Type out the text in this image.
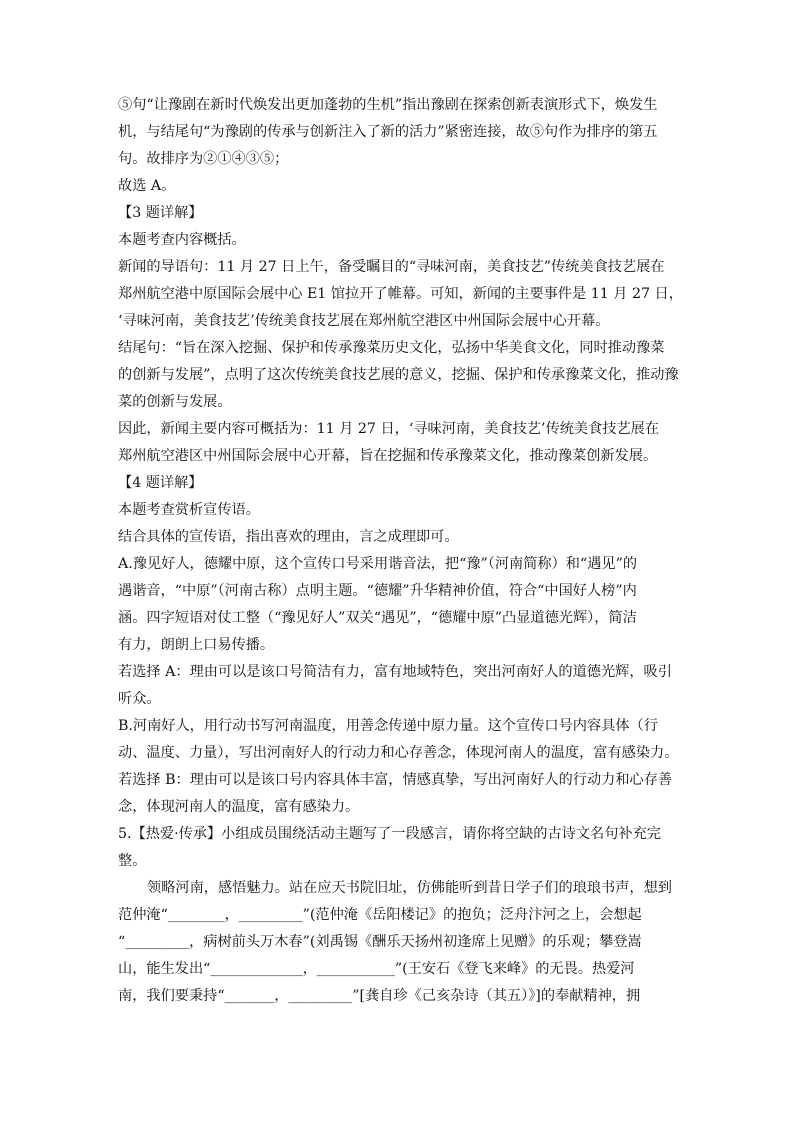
⑤句“让豫剧在新时代焕发出更加蓬勃的生机”指出豫剧在探索创新表演形式下，焕发生
机，与结尾句“为豫剧的传承与创新注入了新的活力”紧密连接，故⑤句作为排序的第五
句。故排序为②①④③⑤；
故选 A。
【3 题详解】
本题考查内容概括。
新闻的导语句：11 月 27 日上午，备受瞩目的“寻味河南，美食技艺”传统美食技艺展在
郑州航空港中原国际会展中心 E1 馆拉开了帷幕。可知，新闻的主要事件是 11 月 27 日，
‘寻味河南，美食技艺’传统美食技艺展在郑州航空港区中州国际会展中心开幕。
结尾句：“旨在深入挖掘、保护和传承豫菜历史文化，弘扬中华美食文化，同时推动豫菜
的创新与发展”，点明了这次传统美食技艺展的意义，挖掘、保护和传承豫菜文化，推动豫
菜的创新与发展。
因此，新闻主要内容可概括为：11 月 27 日，‘寻味河南，美食技艺’传统美食技艺展在
郑州航空港区中州国际会展中心开幕，旨在挖掘和传承豫菜文化，推动豫菜创新发展。
【4 题详解】
本题考查赏析宣传语。
结合具体的宣传语，指出喜欢的理由，言之成理即可。
A.豫见好人，德耀中原，这个宣传口号采用谐音法，把“豫”（河南简称）和“遇见”的
遇谐音，“中原”（河南古称）点明主题。“德耀”升华精神价值，符合“中国好人榜”内
涵。四字短语对仗工整（“豫见好人”双关“遇见”，“德耀中原”凸显道德光辉），简洁
有力，朗朗上口易传播。
若选择 A：理由可以是该口号简洁有力，富有地域特色，突出河南好人的道德光辉，吸引
听众。
B.河南好人，用行动书写河南温度，用善念传递中原力量。这个宣传口号内容具体（行
动、温度、力量），写出河南好人的行动力和心存善念，体现河南人的温度，富有感染力。
若选择 B：理由可以是该口号内容具体丰富，情感真挚，写出河南好人的行动力和心存善
念，体现河南人的温度，富有感染力。
5.【热爱·传承】小组成员围绕活动主题写了一段感言，请你将空缺的古诗文名句补充完
整。
领略河南，感悟魅力。站在应天书院旧址，仿佛能听到昔日学子们的琅琅书声，想到
范仲淹“________，_________”(范仲淹《岳阳楼记》的抱负；泛舟汴河之上，会想起
“_________，病树前头万木春”(刘禹锡《酬乐天扬州初逢席上见赠》的乐观；攀登嵩
山，能生发出“_____________，___________”(王安石《登飞来峰》的无畏。热爱河
南，我们要秉持“_______，_________”[龚自珍《己亥杂诗（其五）》]的奉献精神，拥
